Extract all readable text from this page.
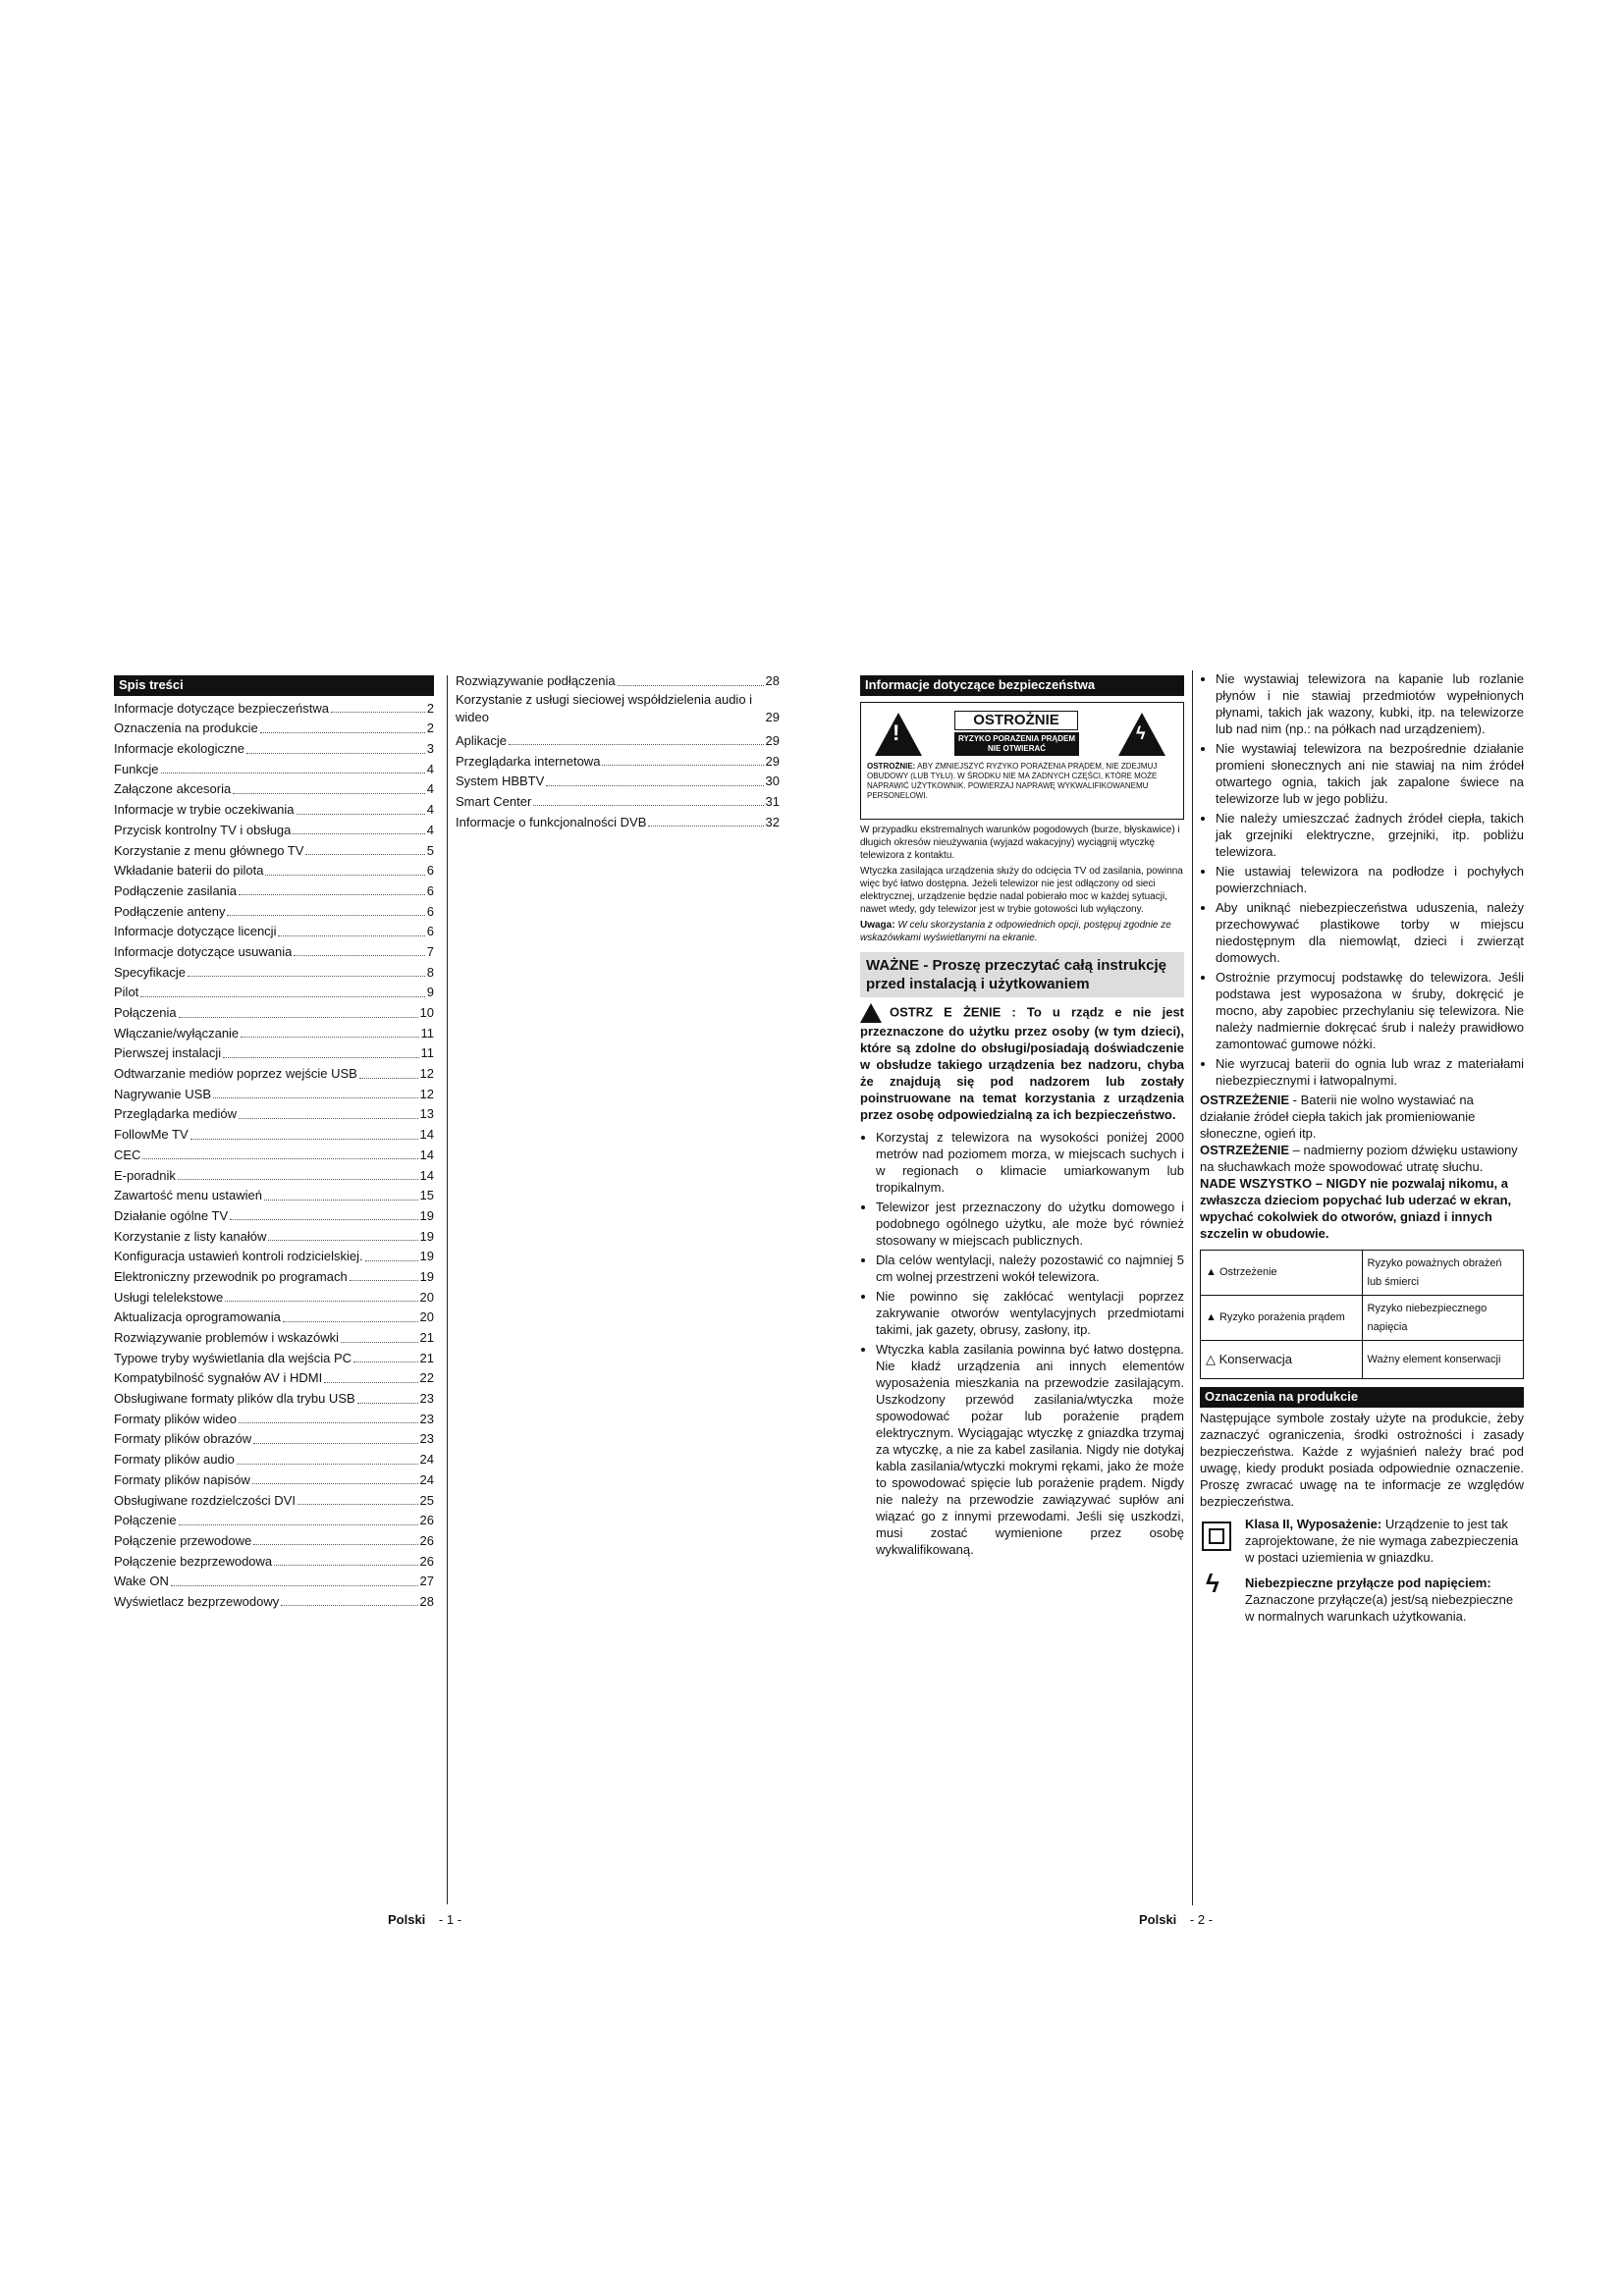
Spis treści
Informacje dotyczące bezpieczeństwa	2
Oznaczenia na produkcie	2
Informacje ekologiczne	3
Funkcje	4
Załączone akcesoria	4
Informacje w trybie oczekiwania	4
Przycisk kontrolny TV i obsługa	4
Korzystanie z menu głównego TV	5
Wkładanie baterii do pilota	6
Podłączenie zasilania	6
Podłączenie anteny	6
Informacje dotyczące licencji	6
Informacje dotyczące usuwania	7
Specyfikacje	8
Pilot	9
Połączenia	10
Włączanie/wyłączanie	11
Pierwszej instalacji	11
Odtwarzanie mediów poprzez wejście USB	12
Nagrywanie USB	12
Przeglądarka mediów	13
FollowMe TV	14
CEC	14
E-poradnik	14
Zawartość menu ustawień	15
Działanie ogólne TV	19
Korzystanie z listy kanałów	19
Konfiguracja ustawień kontroli rodzicielskiej.	19
Elektroniczny przewodnik po programach	19
Usługi telelekstowe	20
Aktualizacja oprogramowania	20
Rozwiązywanie problemów i wskazówki	21
Typowe tryby wyświetlania dla wejścia PC	21
Kompatybilność sygnałów AV i HDMI	22
Obsługiwane formaty plików dla trybu USB	23
Formaty plików wideo	23
Formaty plików obrazów	23
Formaty plików audio	24
Formaty plików napisów	24
Obsługiwane rozdzielczości DVI	25
Połączenie	26
Połączenie przewodowe	26
Połączenie bezprzewodowa	26
Wake ON	27
Wyświetlacz bezprzewodowy	28
Rozwiązywanie podłączenia	28
Korzystanie z usługi sieciowej współdzielenia audio i wideo	29
Aplikacje	29
Przeglądarka internetowa	29
System HBBTV	30
Smart Center	31
Informacje o funkcjonalności DVB	32
Polski - 1 -
Informacje dotyczące bezpieczeństwa
!
OSTROŻNIE
RYZYKO PORAŻENIA PRĄDEM
NIE OTWIERAĆ
ϟ
OSTROŻNIE: ABY ZMNIEJSZYĆ RYZYKO PORAŻENIA PRĄDEM, NIE ZDEJMUJ OBUDOWY (LUB TYŁU). W ŚRODKU NIE MA ŻADNYCH CZĘŚCI, KTÓRE MOŻE NAPRAWIĆ UŻYTKOWNIK. POWIERZAJ NAPRAWĘ WYKWALIFIKOWANEMU PERSONELOWI.

W przypadku ekstremalnych warunków pogodowych (burze, błyskawice) i długich okresów nieużywania (wyjazd wakacyjny) wyciągnij wtyczkę telewizora z kontaktu.

Wtyczka zasilająca urządzenia służy do odcięcia TV od zasilania, powinna więc być łatwo dostępna. Jeżeli telewizor nie jest odłączony od sieci elektrycznej, urządzenie będzie nadal pobierało moc w każdej sytuacji, nawet wtedy, gdy telewizor jest w trybie gotowości lub wyłączony.

Uwaga: W celu skorzystania z odpowiednich opcji, postępuj zgodnie ze wskazówkami wyświetlanymi na ekranie.

WAŻNE - Proszę przeczytać całą instrukcję przed instalacją i użytkowaniem

OSTRZ E ŻENIE : To u rządz e nie jest przeznaczone do użytku przez osoby (w tym dzieci), które są zdolne do obsługi/posiadają doświadczenie w obsłudze takiego urządzenia bez nadzoru, chyba że znajdują się pod nadzorem lub zostały poinstruowane na temat korzystania z urządzenia przez osobę odpowiedzialną za ich bezpieczeństwo.

• Korzystaj z telewizora na wysokości poniżej 2000 metrów nad poziomem morza, w miejscach suchych i w regionach o klimacie umiarkowanym lub tropikalnym.
• Telewizor jest przeznaczony do użytku domowego i podobnego ogólnego użytku, ale może być również stosowany w miejscach publicznych.
• Dla celów wentylacji, należy pozostawić co najmniej 5 cm wolnej przestrzeni wokół telewizora.
• Nie powinno się zakłócać wentylacji poprzez zakrywanie otworów wentylacyjnych przedmiotami takimi, jak gazety, obrusy, zasłony, itp.
• Wtyczka kabla zasilania powinna być łatwo dostępna. Nie kładź urządzenia ani innych elementów wyposażenia mieszkania na przewodzie zasilającym. Uszkodzony przewód zasilania/wtyczka może spowodować pożar lub porażenie prądem elektrycznym. Wyciągając wtyczkę z gniazdka trzymaj za wtyczkę, a nie za kabel zasilania. Nigdy nie dotykaj kabla zasilania/wtyczki mokrymi rękami, jako że może to spowodować spięcie lub porażenie prądem. Nigdy nie należy na przewodzie zawiązywać supłów ani wiązać go z innymi przewodami. Jeśli się uszkodzi, musi zostać wymienione przez osobę wykwalifikowaną.
• Nie wystawiaj telewizora na kapanie lub rozlanie płynów i nie stawiaj przedmiotów wypełnionych płynami, takich jak wazony, kubki, itp. na telewizorze lub nad nim (np.: na półkach nad urządzeniem).
• Nie wystawiaj telewizora na bezpośrednie działanie promieni słonecznych ani nie stawiaj na nim źródeł otwartego ognia, takich jak zapalone świece na telewizorze lub w jego pobliżu.
• Nie należy umieszczać żadnych źródeł ciepła, takich jak grzejniki elektryczne, grzejniki, itp. pobliżu telewizora.
• Nie ustawiaj telewizora na podłodze i pochyłych powierzchniach.
• Aby uniknąć niebezpieczeństwa uduszenia, należy przechowywać plastikowe torby w miejscu niedostępnym dla niemowląt, dzieci i zwierząt domowych.
• Ostrożnie przymocuj podstawkę do telewizora. Jeśli podstawa jest wyposażona w śruby, dokręcić je mocno, aby zapobiec przechylaniu się telewizora. Nie należy nadmiernie dokręcać śrub i należy prawidłowo zamontować gumowe nóżki.
• Nie wyrzucaj baterii do ognia lub wraz z materiałami niebezpiecznymi i łatwopalnymi.

OSTRZEŻENIE - Baterii nie wolno wystawiać na działanie źródeł ciepła takich jak promieniowanie słoneczne, ogień itp.

OSTRZEŻENIE – nadmierny poziom dźwięku ustawiony na słuchawkach może spowodować utratę słuchu.

NADE WSZYSTKO – NIGDY nie pozwalaj nikomu, a zwłaszcza dzieciom popychać lub uderzać w ekran, wpychać cokolwiek do otworów, gniazd i innych szczelin w obudowie.

▲ Ostrzeżenie	Ryzyko poważnych obrażeń lub śmierci
▲ Ryzyko porażenia prądem	Ryzyko niebezpiecznego napięcia
△ Konserwacja	Ważny element konserwacji
Oznaczenia na produkcie

Następujące symbole zostały użyte na produkcie, żeby zaznaczyć ograniczenia, środki ostrożności i zasady bezpieczeństwa. Każde z wyjaśnień należy brać pod uwagę, kiedy produkt posiada odpowiednie oznaczenie. Proszę zwracać uwagę na te informacje ze względów bezpieczeństwa.

Klasa II, Wyposażenie: Urządzenie to jest tak zaprojektowane, że nie wymaga zabezpieczenia w postaci uziemienia w gniazdku.

ϟ	Niebezpieczne przyłącze pod napięciem:
Zaznaczone przyłącze(a) jest/są niebezpieczne w normalnych warunkach użytkowania.

Polski - 2 -
